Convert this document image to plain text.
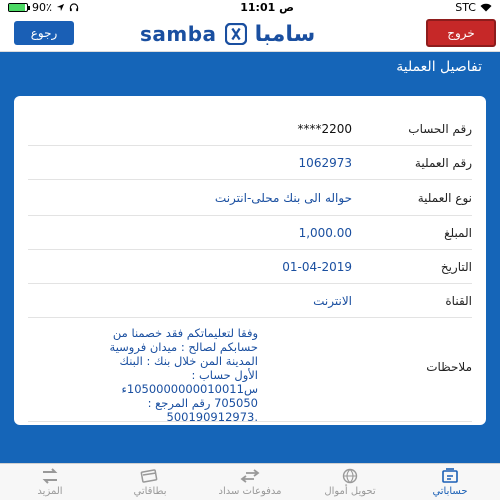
90٪	11:01 ص	STC
رجوع	samba سامبا	خروج
تفاصيل العملية
****2200	رقم الحساب
1062973	رقم العملية
حواله الى بنك محلى-انترنت	نوع العملية
1,000.00	المبلغ
01-04-2019	التاريخ
الانترنت	القناة
وفقا لتعليماتكم فقد خصمنا من
حسابكم لصالح : ميدان فروسية
المدينة المن خلال بنك : البنك
الأول حساب :
س1050000000010011ء
705050 رقم المرجع :
.500190912973
ملاحظات
المزيد	بطاقاتي	مدفوعات سداد	تحويل أموال	حساباتي
